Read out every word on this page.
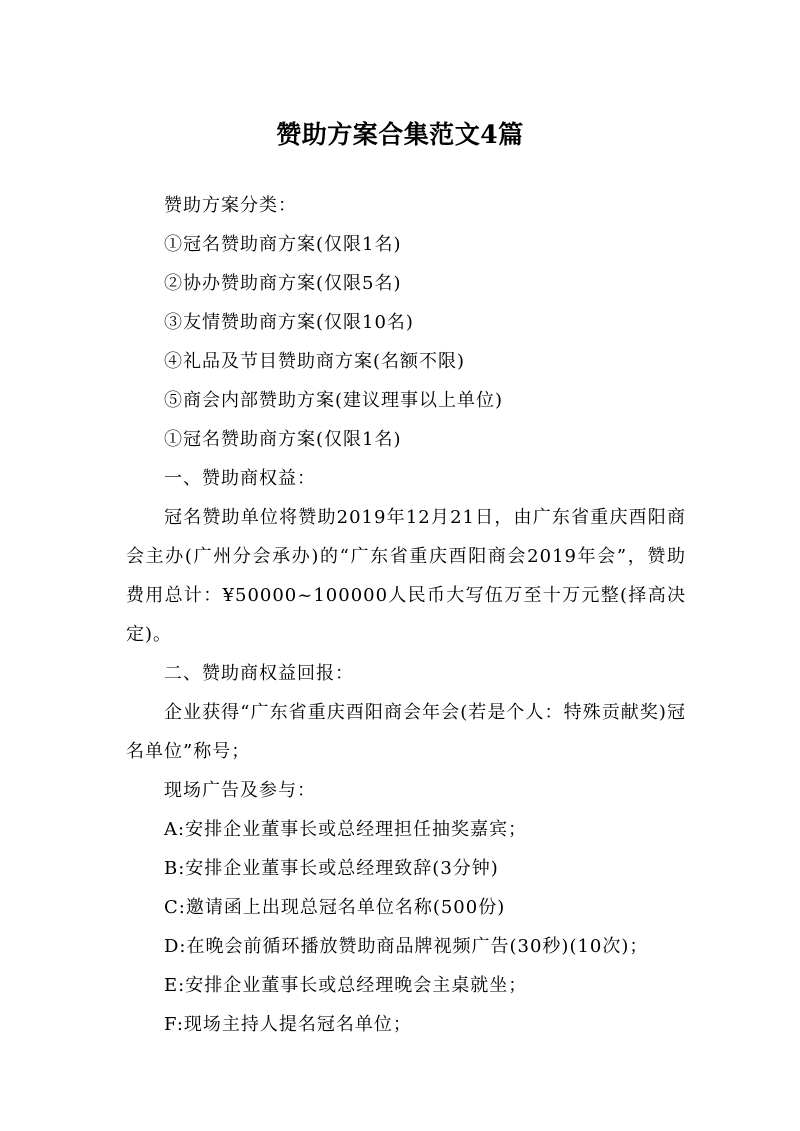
赞助方案合集范文4篇

赞助方案分类：

①冠名赞助商方案(仅限1名)

②协办赞助商方案(仅限5名)

③友情赞助商方案(仅限10名)

④礼品及节目赞助商方案(名额不限)

⑤商会内部赞助方案(建议理事以上单位)

①冠名赞助商方案(仅限1名)

一、赞助商权益：

冠名赞助单位将赞助2019年12月21日，由广东省重庆酉阳商会主办(广州分会承办)的“广东省重庆酉阳商会2019年会”，赞助费用总计：¥50000~100000人民币大写伍万至十万元整(择高决定)。

二、赞助商权益回报：

企业获得“广东省重庆酉阳商会年会(若是个人：特殊贡献奖)冠名单位”称号；

现场广告及参与：

A:安排企业董事长或总经理担任抽奖嘉宾；

B:安排企业董事长或总经理致辞(3分钟)

C:邀请函上出现总冠名单位名称(500份)

D:在晚会前循环播放赞助商品牌视频广告(30秒)(10次)；

E:安排企业董事长或总经理晚会主桌就坐；

F:现场主持人提名冠名单位；
